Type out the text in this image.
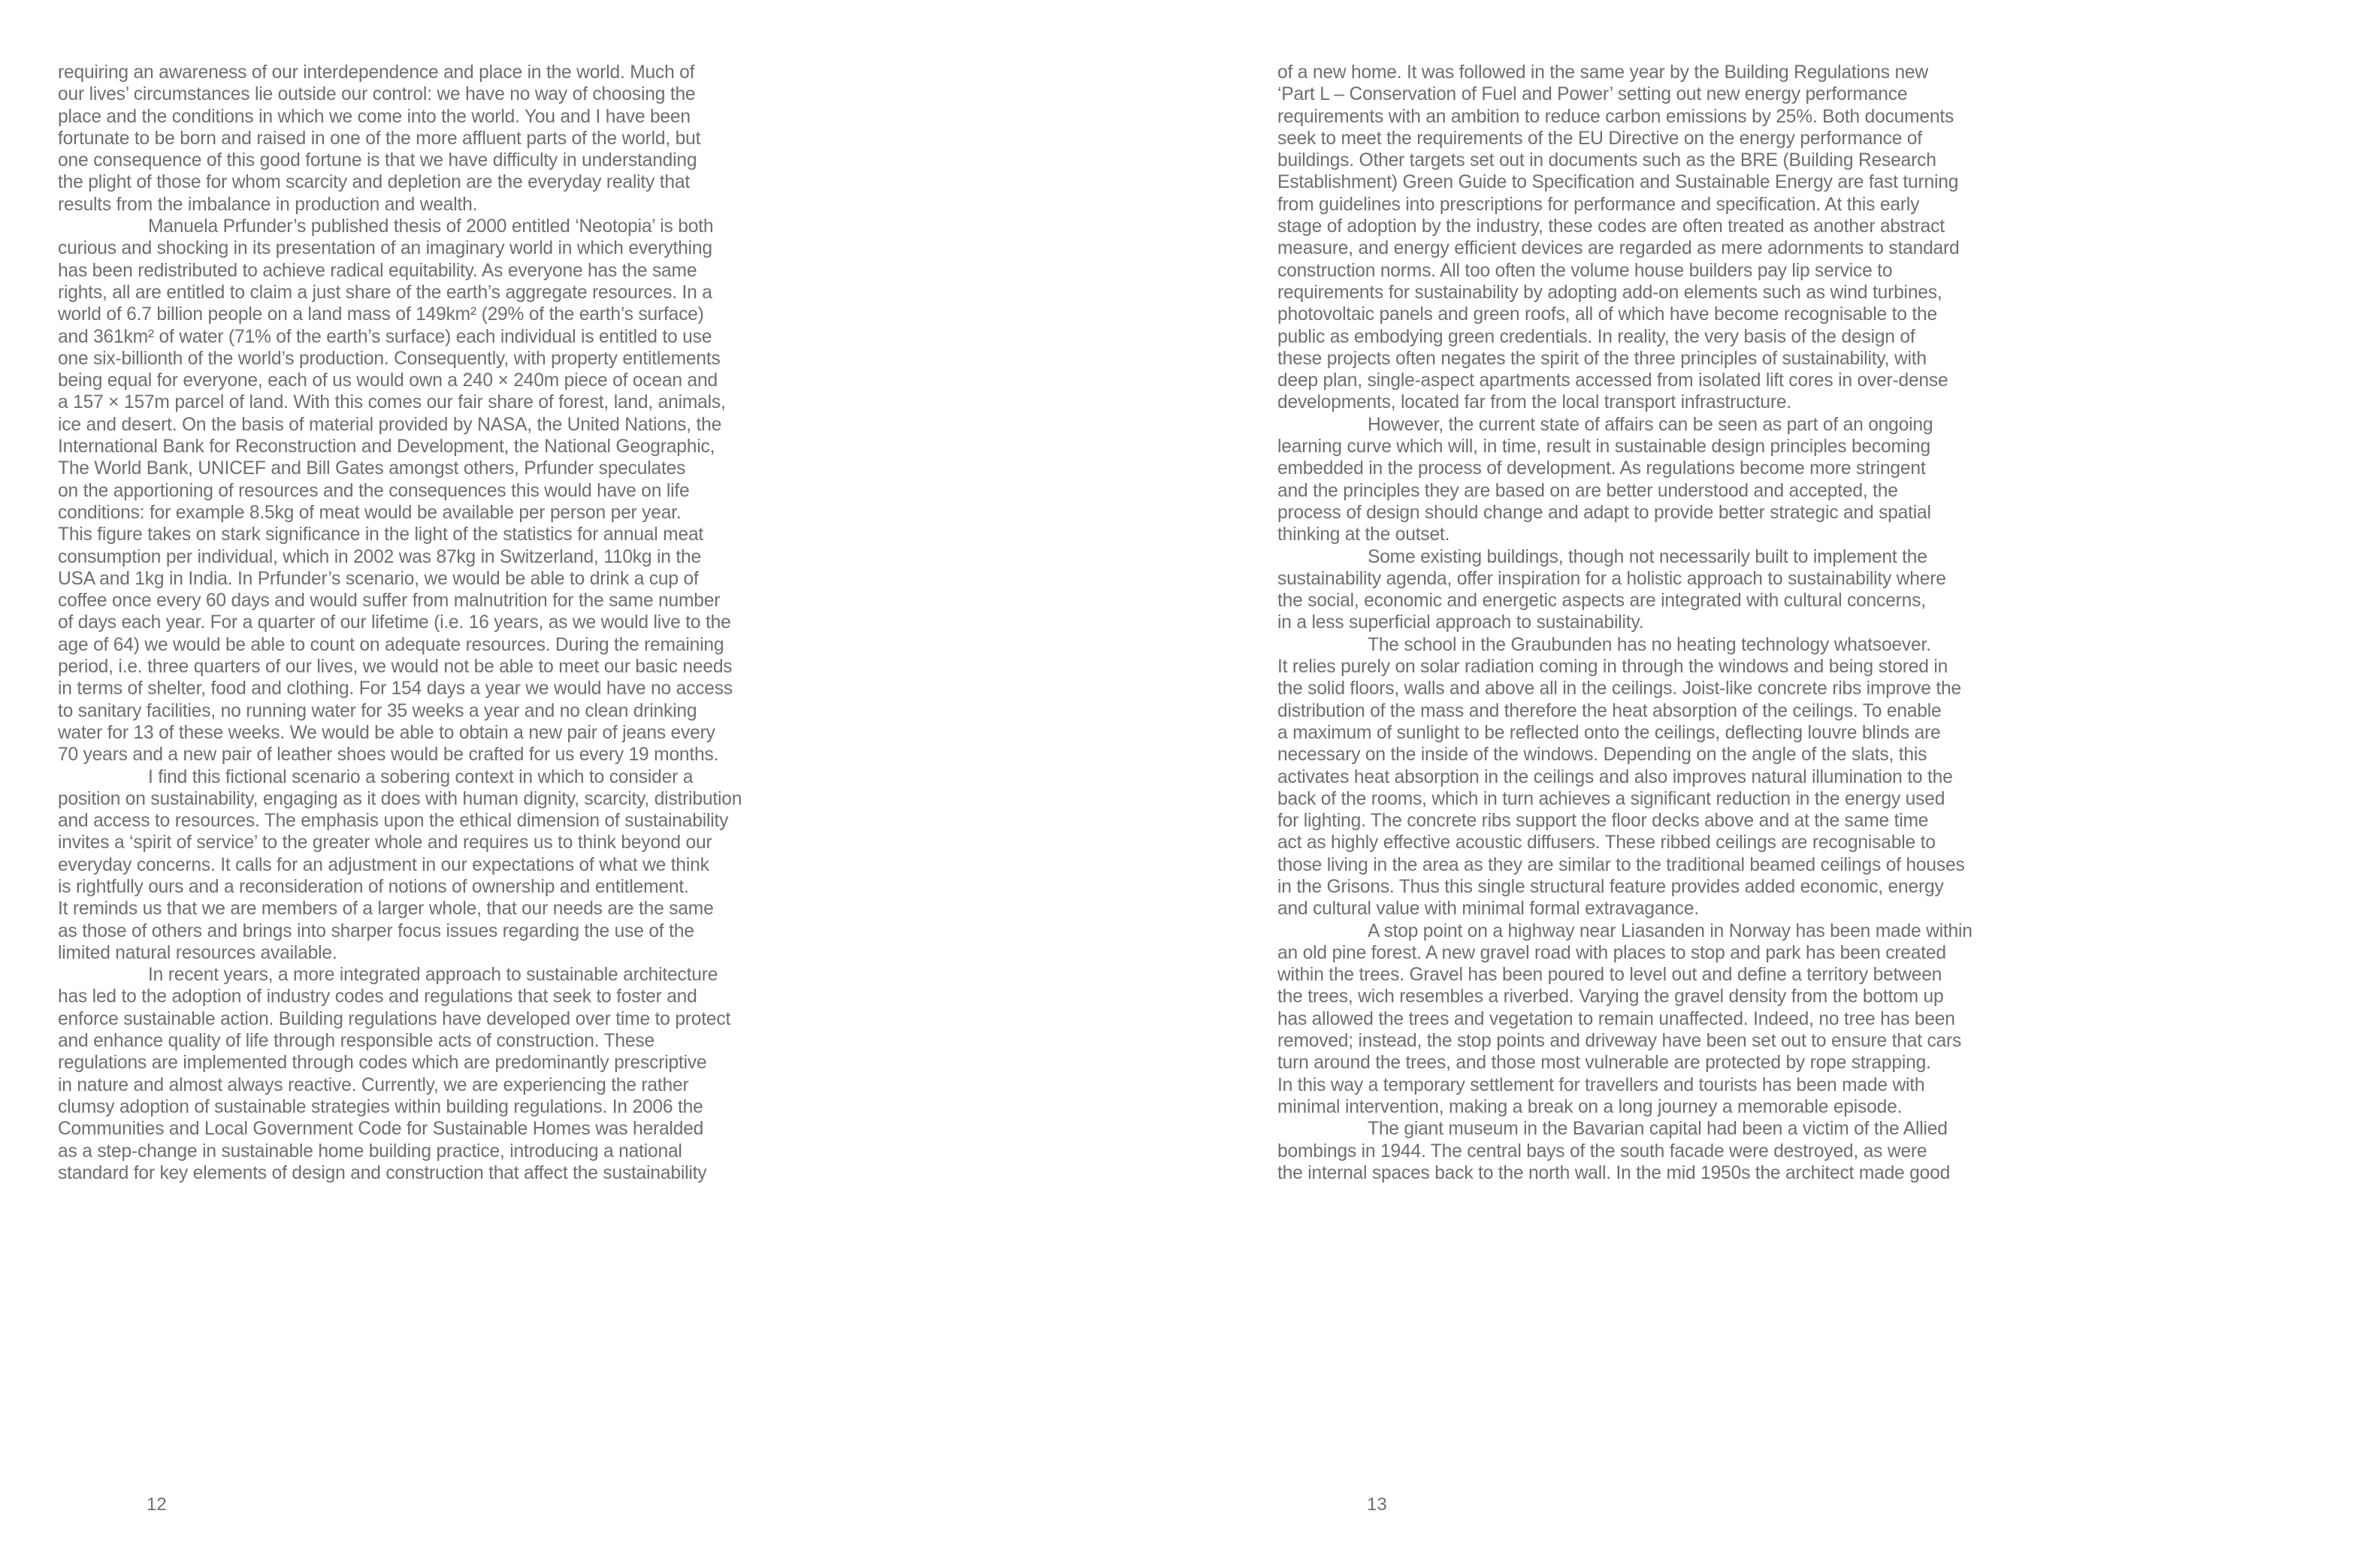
requiring an awareness of our interdependence and place in the world. Much of
our lives’ circumstances lie outside our control: we have no way of choosing the
place and the conditions in which we come into the world. You and I have been
fortunate to be born and raised in one of the more affluent parts of the world, but
one consequence of this good fortune is that we have difficulty in understanding
the plight of those for whom scarcity and depletion are the everyday reality that
results from the imbalance in production and wealth.
Manuela Prfunder’s published thesis of 2000 entitled ‘Neotopia’ is both
curious and shocking in its presentation of an imaginary world in which everything
has been redistributed to achieve radical equitability. As everyone has the same
rights, all are entitled to claim a just share of the earth’s aggregate resources. In a
world of 6.7 billion people on a land mass of 149km² (29% of the earth’s surface)
and 361km² of water (71% of the earth’s surface) each individual is entitled to use
one six-billionth of the world’s production. Consequently, with property entitlements
being equal for everyone, each of us would own a 240 × 240m piece of ocean and
a 157 × 157m parcel of land. With this comes our fair share of forest, land, animals,
ice and desert. On the basis of material provided by NASA, the United Nations, the
International Bank for Reconstruction and Development, the National Geographic,
The World Bank, UNICEF and Bill Gates amongst others, Prfunder speculates
on the apportioning of resources and the consequences this would have on life
conditions: for example 8.5kg of meat would be available per person per year.
This figure takes on stark significance in the light of the statistics for annual meat
consumption per individual, which in 2002 was 87kg in Switzerland, 110kg in the
USA and 1kg in India. In Prfunder’s scenario, we would be able to drink a cup of
coffee once every 60 days and would suffer from malnutrition for the same number
of days each year. For a quarter of our lifetime (i.e. 16 years, as we would live to the
age of 64) we would be able to count on adequate resources. During the remaining
period, i.e. three quarters of our lives, we would not be able to meet our basic needs
in terms of shelter, food and clothing. For 154 days a year we would have no access
to sanitary facilities, no running water for 35 weeks a year and no clean drinking
water for 13 of these weeks. We would be able to obtain a new pair of jeans every
70 years and a new pair of leather shoes would be crafted for us every 19 months.
I find this fictional scenario a sobering context in which to consider a
position on sustainability, engaging as it does with human dignity, scarcity, distribution
and access to resources. The emphasis upon the ethical dimension of sustainability
invites a ‘spirit of service’ to the greater whole and requires us to think beyond our
everyday concerns. It calls for an adjustment in our expectations of what we think
is rightfully ours and a reconsideration of notions of ownership and entitlement.
It reminds us that we are members of a larger whole, that our needs are the same
as those of others and brings into sharper focus issues regarding the use of the
limited natural resources available.
In recent years, a more integrated approach to sustainable architecture
has led to the adoption of industry codes and regulations that seek to foster and
enforce sustainable action. Building regulations have developed over time to protect
and enhance quality of life through responsible acts of construction. These
regulations are implemented through codes which are predominantly prescriptive
in nature and almost always reactive. Currently, we are experiencing the rather
clumsy adoption of sustainable strategies within building regulations. In 2006 the
Communities and Local Government Code for Sustainable Homes was heralded
as a step-change in sustainable home building practice, introducing a national
standard for key elements of design and construction that affect the sustainability
12
of a new home. It was followed in the same year by the Building Regulations new
‘Part L – Conservation of Fuel and Power’ setting out new energy performance
requirements with an ambition to reduce carbon emissions by 25%. Both documents
seek to meet the requirements of the EU Directive on the energy performance of
buildings. Other targets set out in documents such as the BRE (Building Research
Establishment) Green Guide to Specification and Sustainable Energy are fast turning
from guidelines into prescriptions for performance and specification. At this early
stage of adoption by the industry, these codes are often treated as another abstract
measure, and energy efficient devices are regarded as mere adornments to standard
construction norms. All too often the volume house builders pay lip service to
requirements for sustainability by adopting add-on elements such as wind turbines,
photovoltaic panels and green roofs, all of which have become recognisable to the
public as embodying green credentials. In reality, the very basis of the design of
these projects often negates the spirit of the three principles of sustainability, with
deep plan, single-aspect apartments accessed from isolated lift cores in over-dense
developments, located far from the local transport infrastructure.
However, the current state of affairs can be seen as part of an ongoing
learning curve which will, in time, result in sustainable design principles becoming
embedded in the process of development. As regulations become more stringent
and the principles they are based on are better understood and accepted, the
process of design should change and adapt to provide better strategic and spatial
thinking at the outset.
Some existing buildings, though not necessarily built to implement the
sustainability agenda, offer inspiration for a holistic approach to sustainability where
the social, economic and energetic aspects are integrated with cultural concerns,
in a less superficial approach to sustainability.
The school in the Graubunden has no heating technology whatsoever.
It relies purely on solar radiation coming in through the windows and being stored in
the solid floors, walls and above all in the ceilings. Joist-like concrete ribs improve the
distribution of the mass and therefore the heat absorption of the ceilings. To enable
a maximum of sunlight to be reflected onto the ceilings, deflecting louvre blinds are
necessary on the inside of the windows. Depending on the angle of the slats, this
activates heat absorption in the ceilings and also improves natural illumination to the
back of the rooms, which in turn achieves a significant reduction in the energy used
for lighting. The concrete ribs support the floor decks above and at the same time
act as highly effective acoustic diffusers. These ribbed ceilings are recognisable to
those living in the area as they are similar to the traditional beamed ceilings of houses
in the Grisons. Thus this single structural feature provides added economic, energy
and cultural value with minimal formal extravagance.
A stop point on a highway near Liasanden in Norway has been made within
an old pine forest. A new gravel road with places to stop and park has been created
within the trees. Gravel has been poured to level out and define a territory between
the trees, wich resembles a riverbed. Varying the gravel density from the bottom up
has allowed the trees and vegetation to remain unaffected. Indeed, no tree has been
removed; instead, the stop points and driveway have been set out to ensure that cars
turn around the trees, and those most vulnerable are protected by rope strapping.
In this way a temporary settlement for travellers and tourists has been made with
minimal intervention, making a break on a long journey a memorable episode.
The giant museum in the Bavarian capital had been a victim of the Allied
bombings in 1944. The central bays of the south facade were destroyed, as were
the internal spaces back to the north wall. In the mid 1950s the architect made good
13
